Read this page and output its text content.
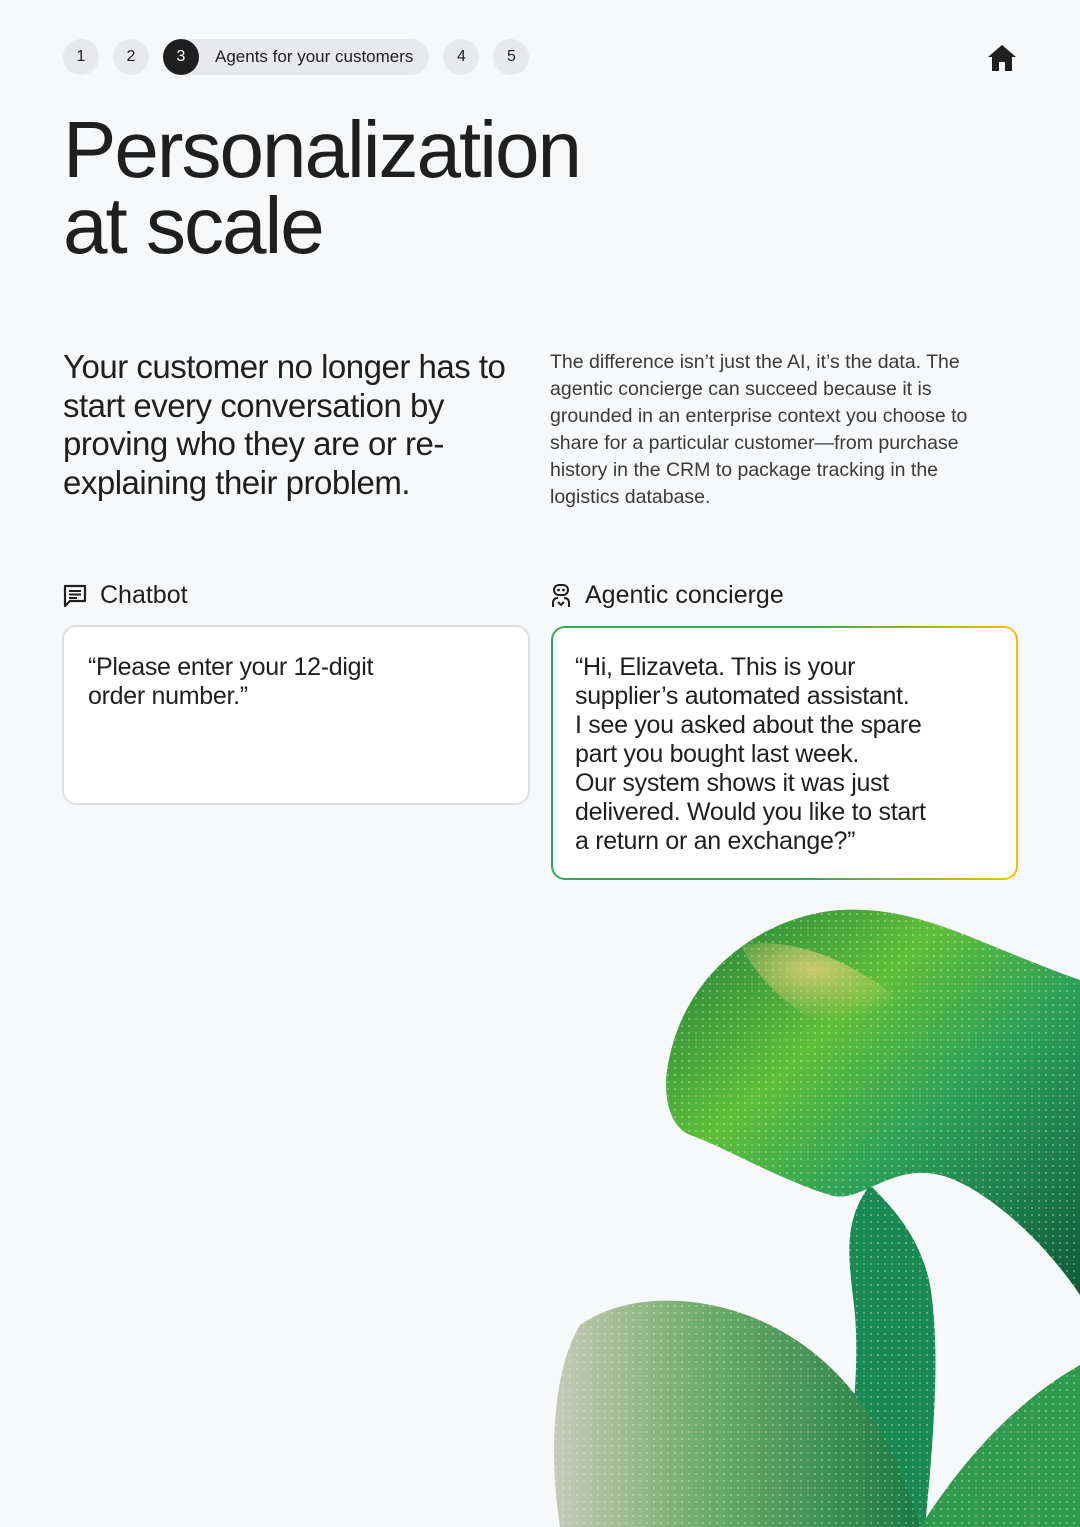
1	2	3	Agents for your customers	4	5
Personalization
at scale

Your customer no longer has to start every conversation by proving who they are or re-explaining their problem.

The difference isn’t just the AI, it’s the data. The agentic concierge can succeed because it is grounded in an enterprise context you choose to share for a particular customer—from purchase history in the CRM to package tracking in the logistics database.

Chatbot

“Please enter your 12-digit
order number.”

Agentic concierge

“Hi, Elizaveta. This is your
supplier’s automated assistant.
I see you asked about the spare
part you bought last week.
Our system shows it was just
delivered. Would you like to start
a return or an exchange?”
